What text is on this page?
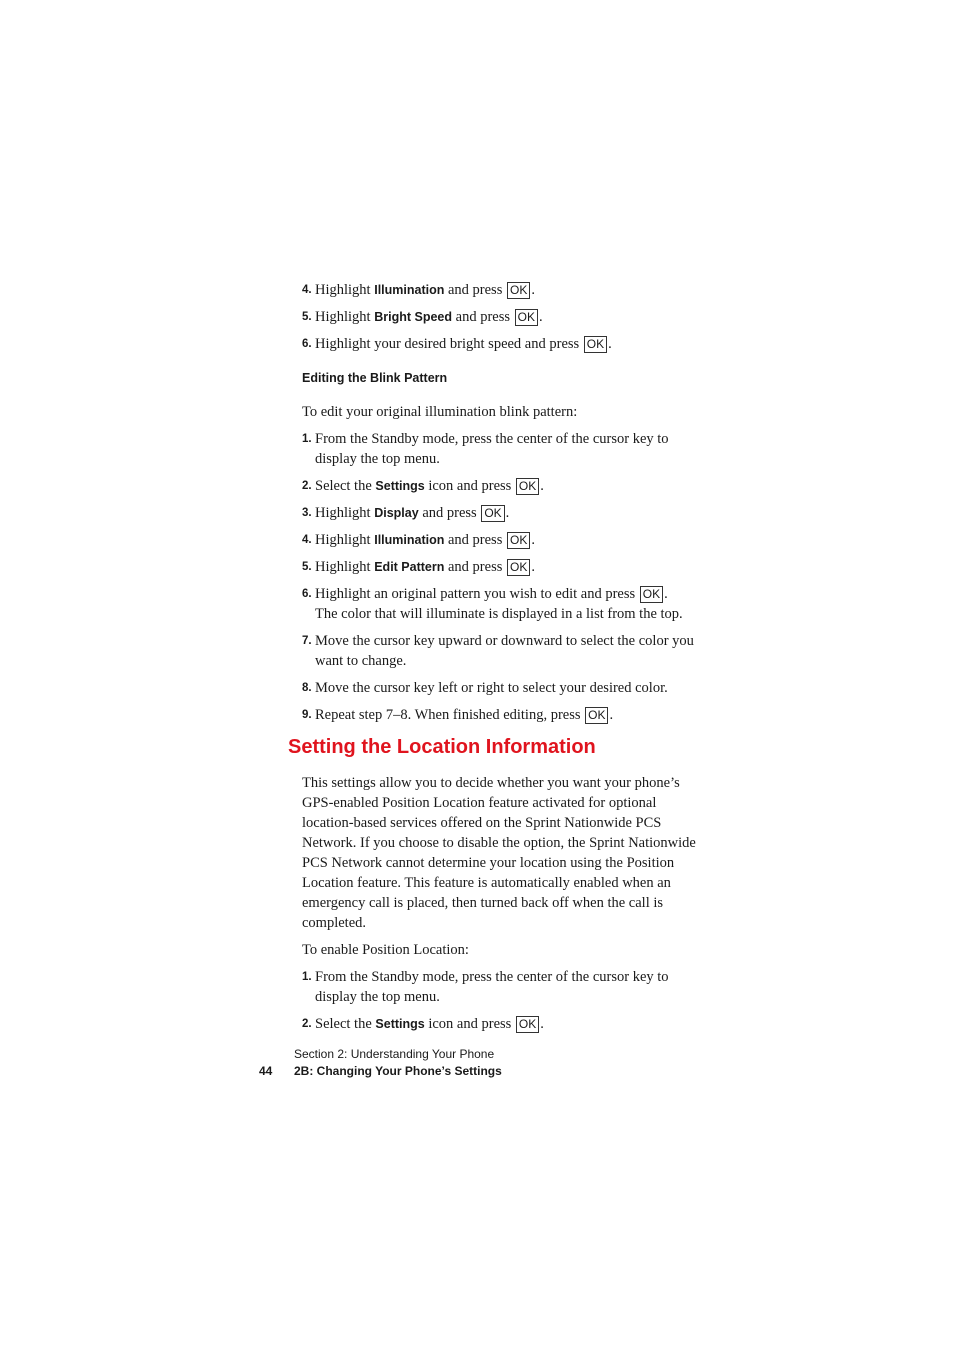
4. Highlight Illumination and press OK .
5. Highlight Bright Speed and press OK .
6. Highlight your desired bright speed and press OK .
Editing the Blink Pattern
To edit your original illumination blink pattern:
1. From the Standby mode, press the center of the cursor key to display the top menu.
2. Select the Settings icon and press OK .
3. Highlight Display and press OK .
4. Highlight Illumination and press OK .
5. Highlight Edit Pattern and press OK .
6. Highlight an original pattern you wish to edit and press OK .
The color that will illuminate is displayed in a list from the top.
7. Move the cursor key upward or downward to select the color you want to change.
8. Move the cursor key left or right to select your desired color.
9. Repeat step 7–8. When finished editing, press OK .
Setting the Location Information
This settings allow you to decide whether you want your phone’s GPS-enabled Position Location feature activated for optional location-based services offered on the Sprint Nationwide PCS Network. If you choose to disable the option, the Sprint Nationwide PCS Network cannot determine your location using the Position Location feature. This feature is automatically enabled when an emergency call is placed, then turned back off when the call is completed.
To enable Position Location:
1. From the Standby mode, press the center of the cursor key to display the top menu.
2. Select the Settings icon and press OK .
Section 2: Understanding Your Phone
44 2B: Changing Your Phone’s Settings
